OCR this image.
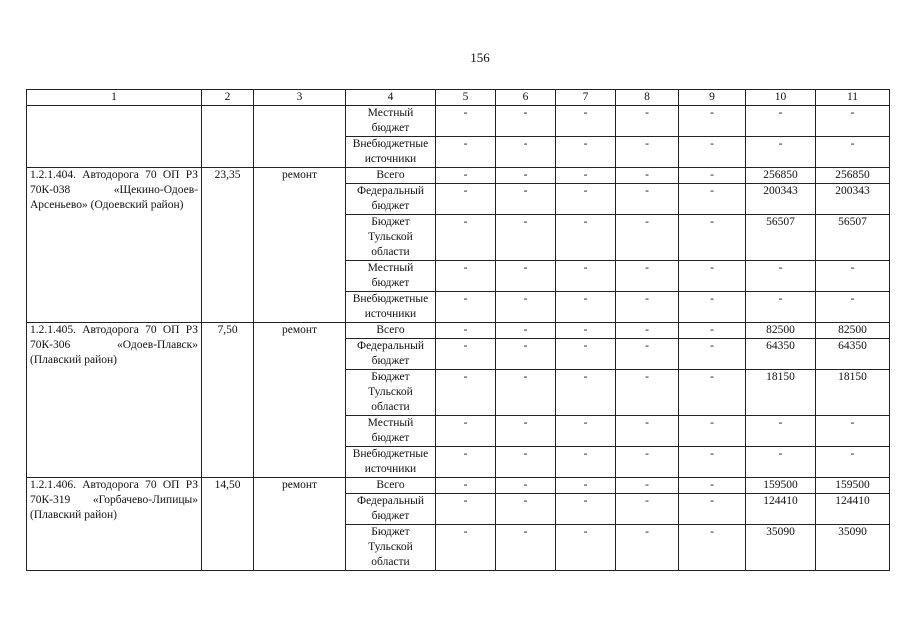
156
1	2	3	4	5	6	7	8	9	10	11
			Местный бюджет	-	-	-	-	-	-	-
			Внебюджетные источники	-	-	-	-	-	-	-
1.2.1.404. Автодорога 70 ОП РЗ 70К-038 «Щекино-Одоев-Арсеньево» (Одоевский район)	23,35	ремонт	Всего	-	-	-	-	-	256850	256850
			Федеральный бюджет	-	-	-	-	-	200343	200343
			Бюджет Тульской области	-	-	-	-	-	56507	56507
			Местный бюджет	-	-	-	-	-	-	-
			Внебюджетные источники	-	-	-	-	-	-	-
1.2.1.405. Автодорога 70 ОП РЗ 70К-306 «Одоев-Плавск» (Плавский район)	7,50	ремонт	Всего	-	-	-	-	-	82500	82500
			Федеральный бюджет	-	-	-	-	-	64350	64350
			Бюджет Тульской области	-	-	-	-	-	18150	18150
			Местный бюджет	-	-	-	-	-	-	-
			Внебюджетные источники	-	-	-	-	-	-	-
1.2.1.406. Автодорога 70 ОП РЗ 70К-319 «Горбачево-Липицы» (Плавский район)	14,50	ремонт	Всего	-	-	-	-	-	159500	159500
			Федеральный бюджет	-	-	-	-	-	124410	124410
			Бюджет Тульской области	-	-	-	-	-	35090	35090
